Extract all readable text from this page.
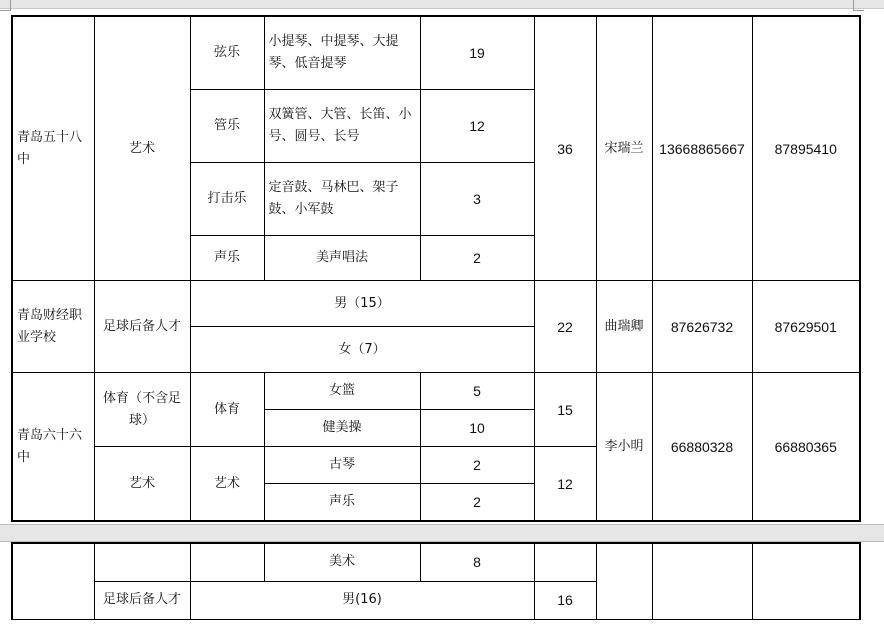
青岛五十八中	艺术	弦乐	小提琴、中提琴、大提琴、低音提琴	19	36	宋瑞兰	13668865667	87895410
		管乐	双簧管、大管、长笛、小号、圆号、长号	12				
		打击乐	定音鼓、马林巴、架子鼓、小军鼓	3				
		声乐	美声唱法	2				
青岛财经职业学校	足球后备人才	男（15）			22	曲瑞卿	87626732	87629501
		女（7）						
青岛六十六中	体育（不含足球）	体育	女篮	5	15	李小明	66880328	66880365
			健美操	10				
	艺术	艺术	古琴	2	12			
			声乐	2				
			美术	8				
	足球后备人才	男(16)			16			
